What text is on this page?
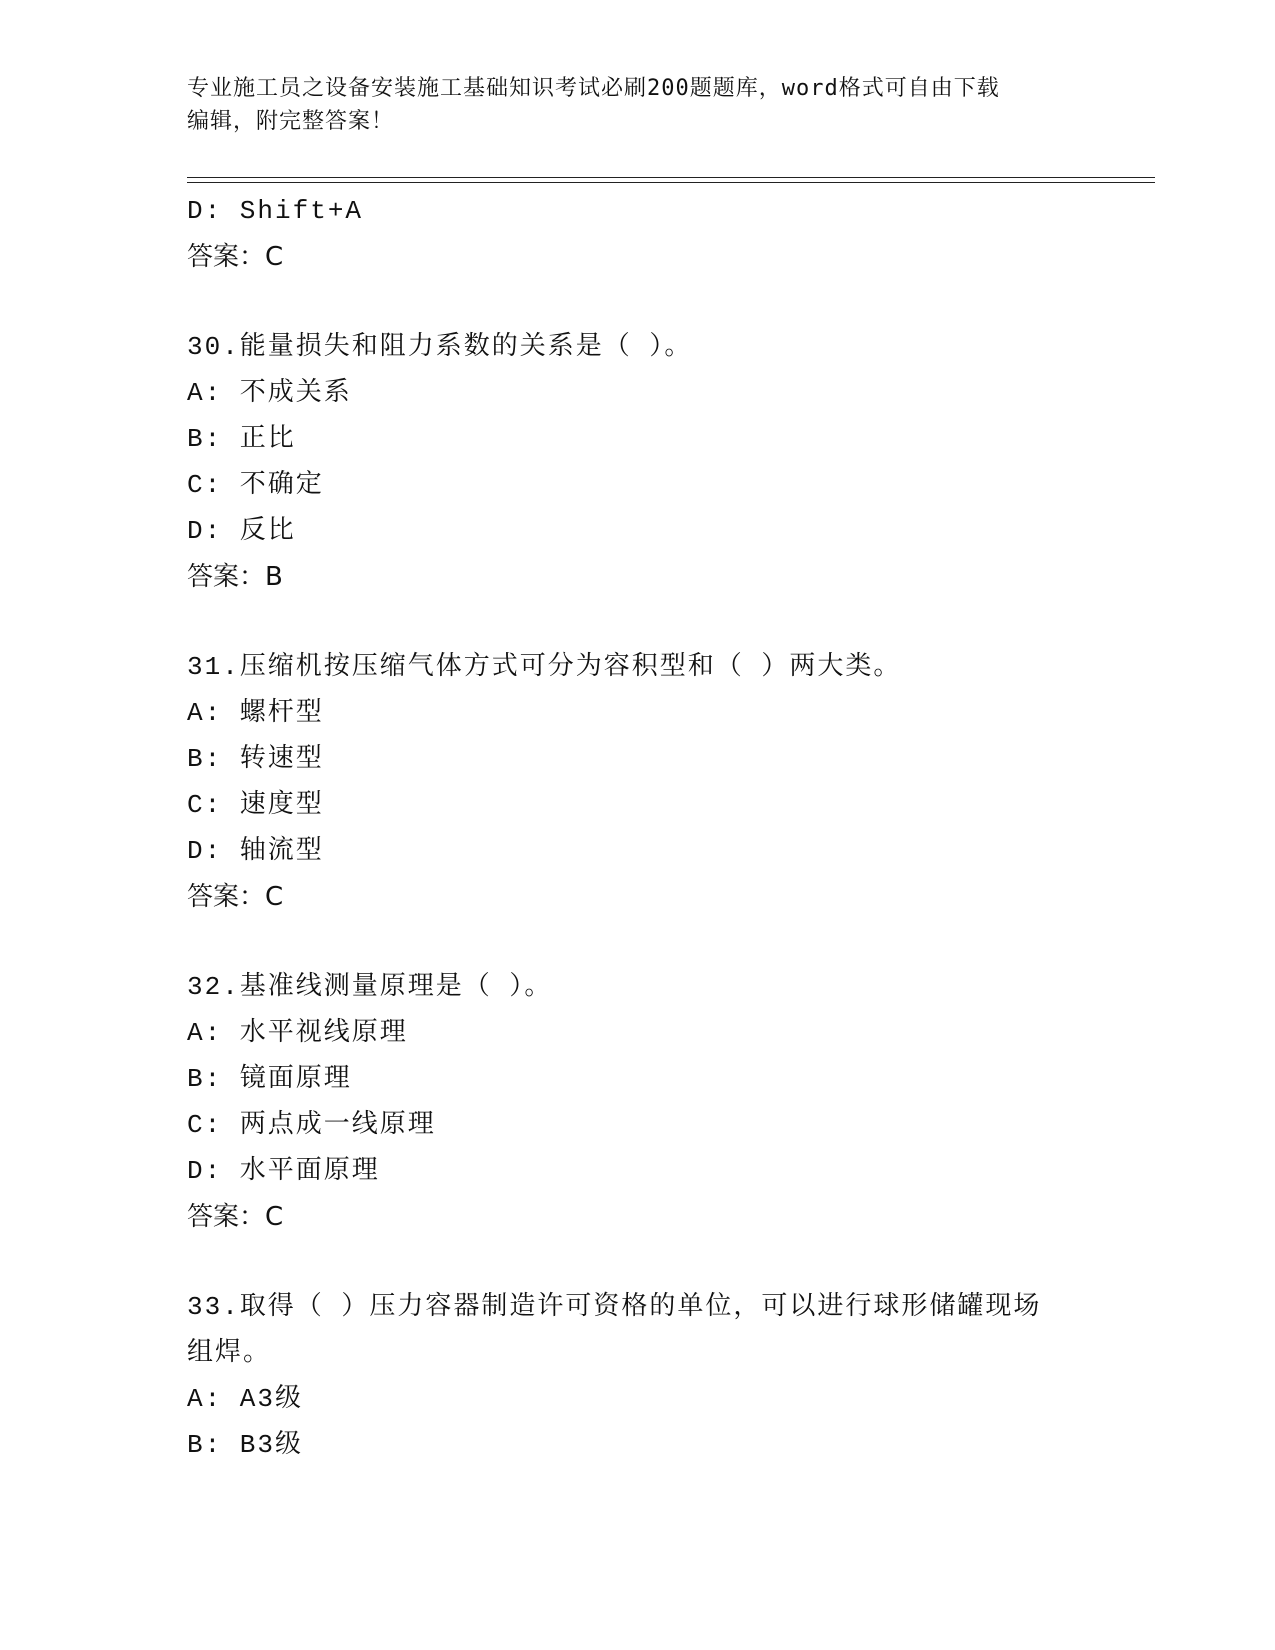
专业施工员之设备安装施工基础知识考试必刷200题题库，word格式可自由下载
编辑，附完整答案！
D: Shift+A
答案：C
30.能量损失和阻力系数的关系是（ ）。
A: 不成关系
B: 正比
C: 不确定
D: 反比
答案：B
31.压缩机按压缩气体方式可分为容积型和（ ）两大类。
A: 螺杆型
B: 转速型
C: 速度型
D: 轴流型
答案：C
32.基准线测量原理是（ ）。
A: 水平视线原理
B: 镜面原理
C: 两点成一线原理
D: 水平面原理
答案：C
33.取得（ ）压力容器制造许可资格的单位，可以进行球形储罐现场
组焊。
A: A3级
B: B3级
